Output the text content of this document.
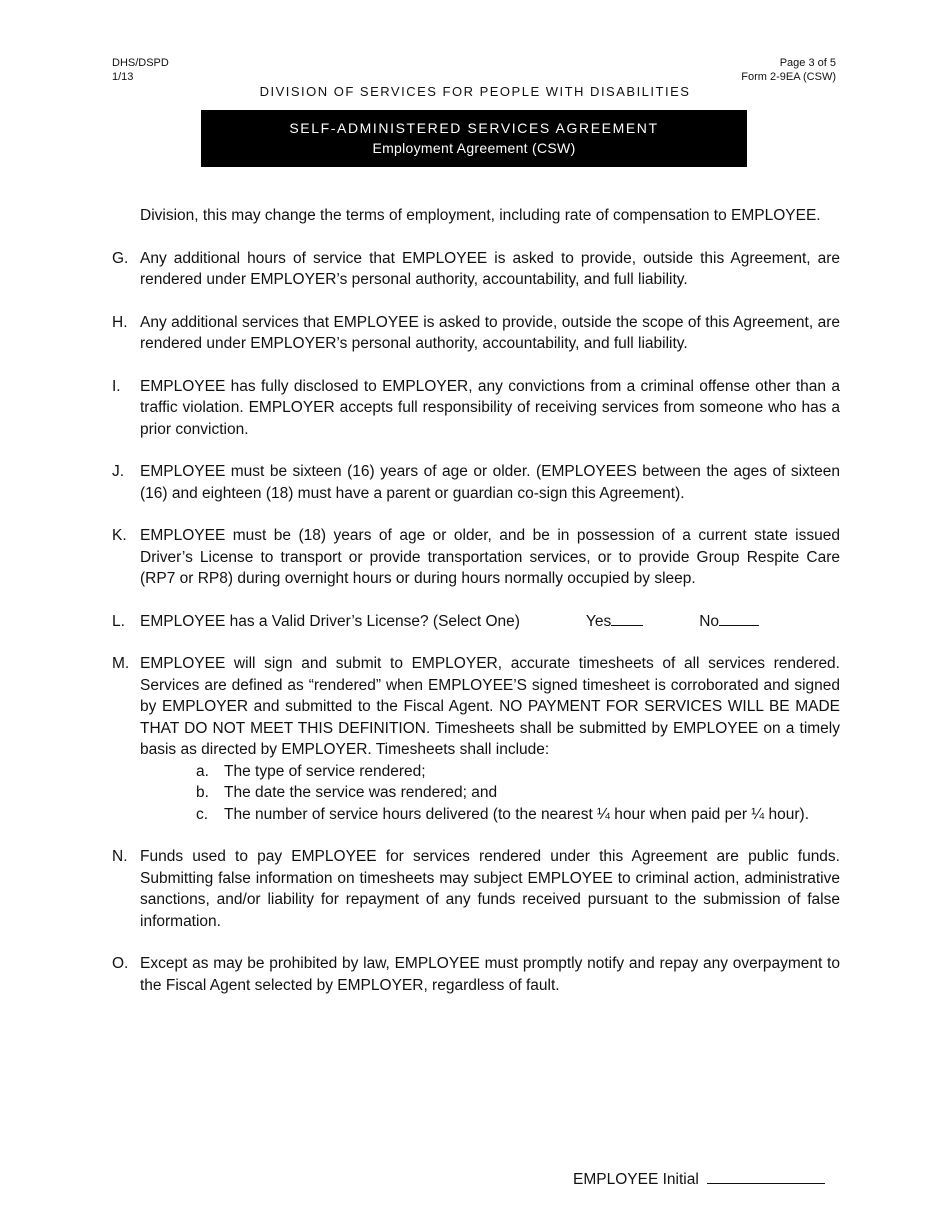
DHS/DSPD
1/13
Page 3 of 5
Form 2-9EA (CSW)
DIVISION OF SERVICES FOR PEOPLE WITH DISABILITIES
SELF-ADMINISTERED SERVICES AGREEMENT
Employment Agreement (CSW)
Division, this may change the terms of employment, including rate of compensation to EMPLOYEE.
G. Any additional hours of service that EMPLOYEE is asked to provide, outside this Agreement, are rendered under EMPLOYER’s personal authority, accountability, and full liability.
H. Any additional services that EMPLOYEE is asked to provide, outside the scope of this Agreement, are rendered under EMPLOYER’s personal authority, accountability, and full liability.
I.	EMPLOYEE has fully disclosed to EMPLOYER, any convictions from a criminal offense other than a traffic violation. EMPLOYER accepts full responsibility of receiving services from someone who has a prior conviction.
J.	EMPLOYEE must be sixteen (16) years of age or older. (EMPLOYEES between the ages of sixteen (16) and eighteen (18) must have a parent or guardian co-sign this Agreement).
K. EMPLOYEE must be (18) years of age or older, and be in possession of a current state issued Driver’s License to transport or provide transportation services, or to provide Group Respite Care (RP7 or RP8) during overnight hours or during hours normally occupied by sleep.
L. EMPLOYEE has a Valid Driver’s License? (Select One)	Yes	No
M. EMPLOYEE will sign and submit to EMPLOYER, accurate timesheets of all services rendered. Services are defined as “rendered” when EMPLOYEE’S signed timesheet is corroborated and signed by EMPLOYER and submitted to the Fiscal Agent. NO PAYMENT FOR SERVICES WILL BE MADE THAT DO NOT MEET THIS DEFINITION. Timesheets shall be submitted by EMPLOYEE on a timely basis as directed by EMPLOYER. Timesheets shall include:
a. The type of service rendered;
b. The date the service was rendered; and
c.	The number of service hours delivered (to the nearest ¼ hour when paid per ¼ hour).
N. Funds used to pay EMPLOYEE for services rendered under this Agreement are public funds. Submitting false information on timesheets may subject EMPLOYEE to criminal action, administrative sanctions, and/or liability for repayment of any funds received pursuant to the submission of false information.
O. Except as may be prohibited by law, EMPLOYEE must promptly notify and repay any overpayment to the Fiscal Agent selected by EMPLOYER, regardless of fault.
EMPLOYEE Initial
